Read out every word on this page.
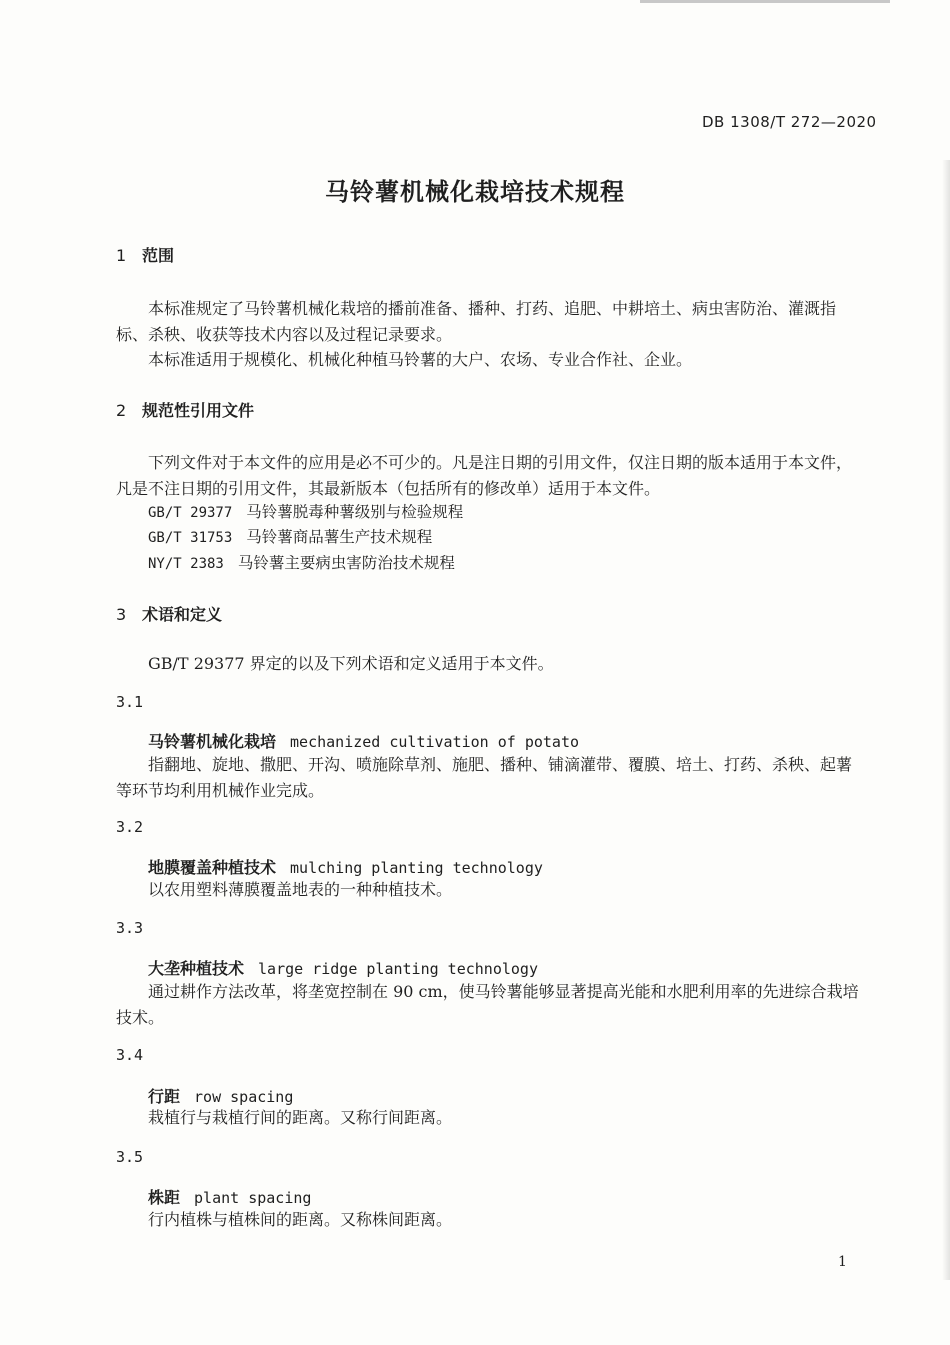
DB 1308/T 272—2020
马铃薯机械化栽培技术规程
1 范围
本标准规定了马铃薯机械化栽培的播前准备、播种、打药、追肥、中耕培土、病虫害防治、灌溉指标、杀秧、收获等技术内容以及过程记录要求。
本标准适用于规模化、机械化种植马铃薯的大户、农场、专业合作社、企业。
2 规范性引用文件
下列文件对于本文件的应用是必不可少的。凡是注日期的引用文件，仅注日期的版本适用于本文件，凡是不注日期的引用文件，其最新版本（包括所有的修改单）适用于本文件。
GB/T 29377 马铃薯脱毒种薯级别与检验规程
GB/T 31753 马铃薯商品薯生产技术规程
NY/T 2383 马铃薯主要病虫害防治技术规程
3 术语和定义
GB/T 29377 界定的以及下列术语和定义适用于本文件。
3.1
马铃薯机械化栽培 mechanized cultivation of potato
指翻地、旋地、撒肥、开沟、喷施除草剂、施肥、播种、铺滴灌带、覆膜、培土、打药、杀秧、起薯等环节均利用机械作业完成。
3.2
地膜覆盖种植技术 mulching planting technology
以农用塑料薄膜覆盖地表的一种种植技术。
3.3
大垄种植技术 large ridge planting technology
通过耕作方法改革，将垄宽控制在 90 cm，使马铃薯能够显著提高光能和水肥利用率的先进综合栽培技术。
3.4
行距 row spacing
栽植行与栽植行间的距离。又称行间距离。
3.5
株距 plant spacing
行内植株与植株间的距离。又称株间距离。
1
